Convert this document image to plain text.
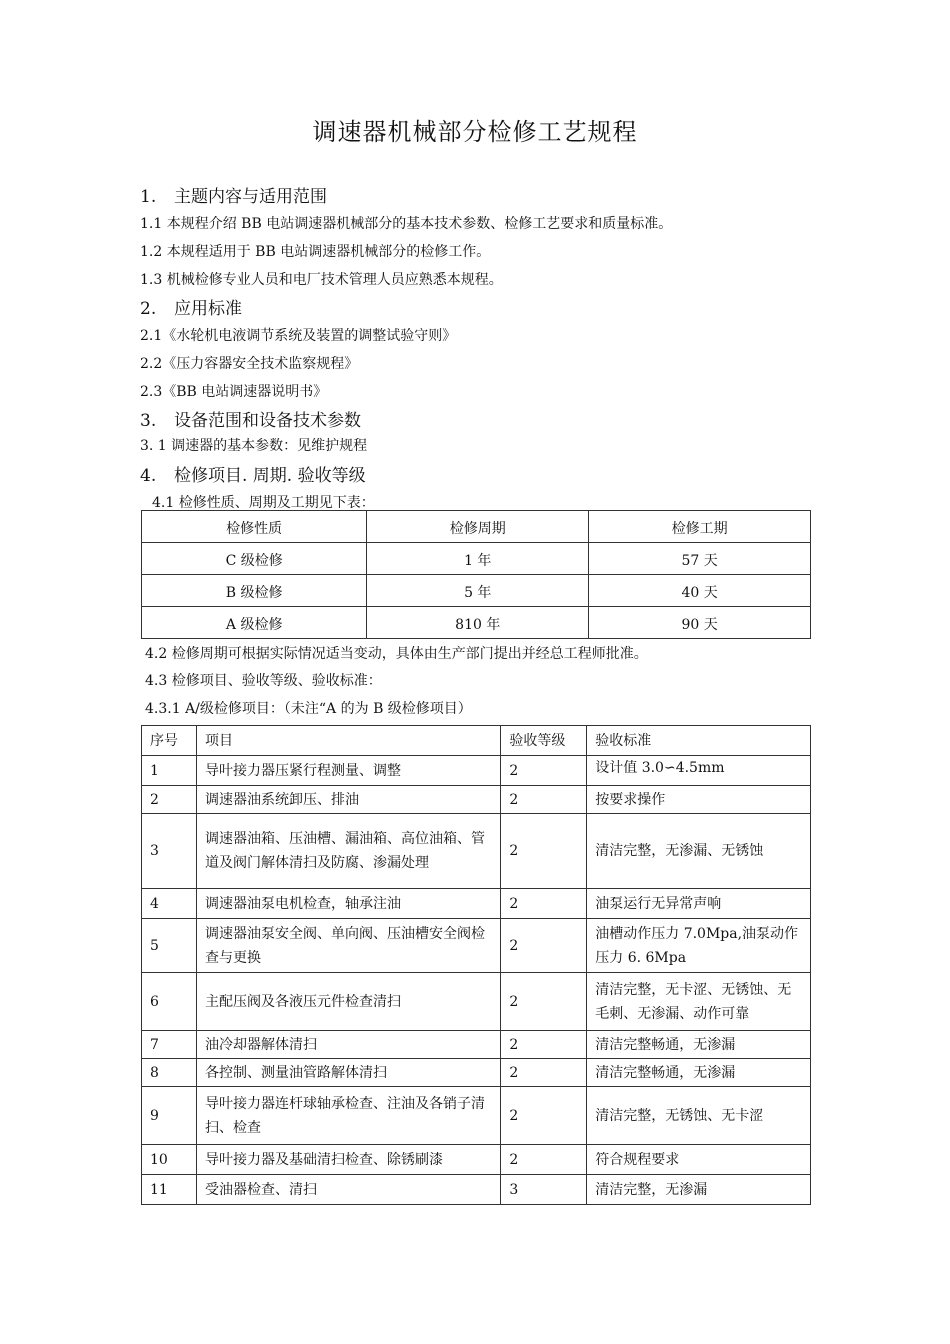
调速器机械部分检修工艺规程
1. 主题内容与适用范围
1.1 本规程介绍 BB 电站调速器机械部分的基本技术参数、检修工艺要求和质量标准。
1.2 本规程适用于 BB 电站调速器机械部分的检修工作。
1.3 机械检修专业人员和电厂技术管理人员应熟悉本规程。
2. 应用标准
2.1《水轮机电液调节系统及装置的调整试验守则》
2.2《压力容器安全技术监察规程》
2.3《BB 电站调速器说明书》
3. 设备范围和设备技术参数
3. 1 调速器的基本参数：见维护规程
4. 检修项目. 周期. 验收等级
4.1 检修性质、周期及工期见下表：
检修性质	检修周期	检修工期
C 级检修	1 年	57 天
B 级检修	5 年	40 天
A 级检修	810 年	90 天
4.2 检修周期可根据实际情况适当变动，具体由生产部门提出并经总工程师批准。
4.3 检修项目、验收等级、验收标准：
4.3.1 A/级检修项目：（未注“A 的为 B 级检修项目）
序号	项目	验收等级	验收标准
1	导叶接力器压紧行程测量、调整	2	设计值 3.0∽4.5mm
2	调速器油系统卸压、排油	2	按要求操作
3	调速器油箱、压油槽、漏油箱、高位油箱、管道及阀门解体清扫及防腐、渗漏处理	2	清洁完整，无渗漏、无锈蚀
4	调速器油泵电机检查，轴承注油	2	油泵运行无异常声响
5	调速器油泵安全阀、单向阀、压油槽安全阀检查与更换	2	油槽动作压力 7.0Mpa,油泵动作压力 6. 6Mpa
6	主配压阀及各液压元件检查清扫	2	清洁完整，无卡涩、无锈蚀、无毛刺、无渗漏、动作可靠
7	油冷却器解体清扫	2	清洁完整畅通，无渗漏
8	各控制、测量油管路解体清扫	2	清洁完整畅通，无渗漏
9	导叶接力器连杆球轴承检查、注油及各销子清扫、检查	2	清洁完整，无锈蚀、无卡涩
10	导叶接力器及基础清扫检查、除锈刷漆	2	符合规程要求
11	受油器检查、清扫	3	清洁完整，无渗漏
